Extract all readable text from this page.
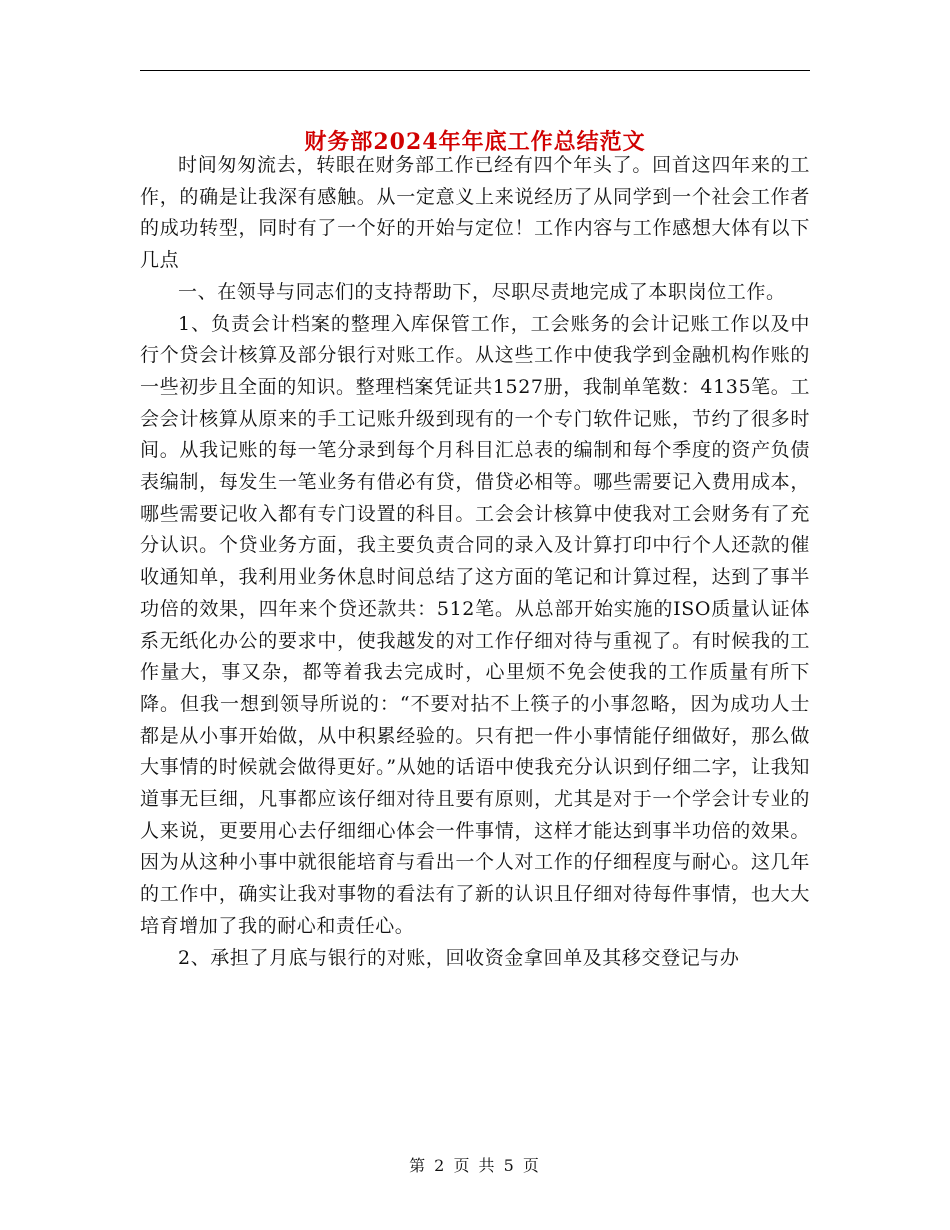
财务部2024年年底工作总结范文

时间匆匆流去，转眼在财务部工作已经有四个年头了。回首这四年来的工作，的确是让我深有感触。从一定意义上来说经历了从同学到一个社会工作者的成功转型，同时有了一个好的开始与定位！工作内容与工作感想大体有以下几点

一、在领导与同志们的支持帮助下，尽职尽责地完成了本职岗位工作。

1、负责会计档案的整理入库保管工作，工会账务的会计记账工作以及中行个贷会计核算及部分银行对账工作。从这些工作中使我学到金融机构作账的一些初步且全面的知识。整理档案凭证共1527册，我制单笔数：4135笔。工会会计核算从原来的手工记账升级到现有的一个专门软件记账，节约了很多时间。从我记账的每一笔分录到每个月科目汇总表的编制和每个季度的资产负债表编制，每发生一笔业务有借必有贷，借贷必相等。哪些需要记入费用成本，哪些需要记收入都有专门设置的科目。工会会计核算中使我对工会财务有了充分认识。个贷业务方面，我主要负责合同的录入及计算打印中行个人还款的催收通知单，我利用业务休息时间总结了这方面的笔记和计算过程，达到了事半功倍的效果，四年来个贷还款共：512笔。从总部开始实施的ISO质量认证体系无纸化办公的要求中，使我越发的对工作仔细对待与重视了。有时候我的工作量大，事又杂，都等着我去完成时，心里烦不免会使我的工作质量有所下降。但我一想到领导所说的：“不要对拈不上筷子的小事忽略，因为成功人士都是从小事开始做，从中积累经验的。只有把一件小事情能仔细做好，那么做大事情的时候就会做得更好。”从她的话语中使我充分认识到仔细二字，让我知道事无巨细，凡事都应该仔细对待且要有原则，尤其是对于一个学会计专业的人来说，更要用心去仔细细心体会一件事情，这样才能达到事半功倍的效果。因为从这种小事中就很能培育与看出一个人对工作的仔细程度与耐心。这几年的工作中，确实让我对事物的看法有了新的认识且仔细对待每件事情，也大大培育增加了我的耐心和责任心。

2、承担了月底与银行的对账，回收资金拿回单及其移交登记与办

第 2 页 共 5 页
